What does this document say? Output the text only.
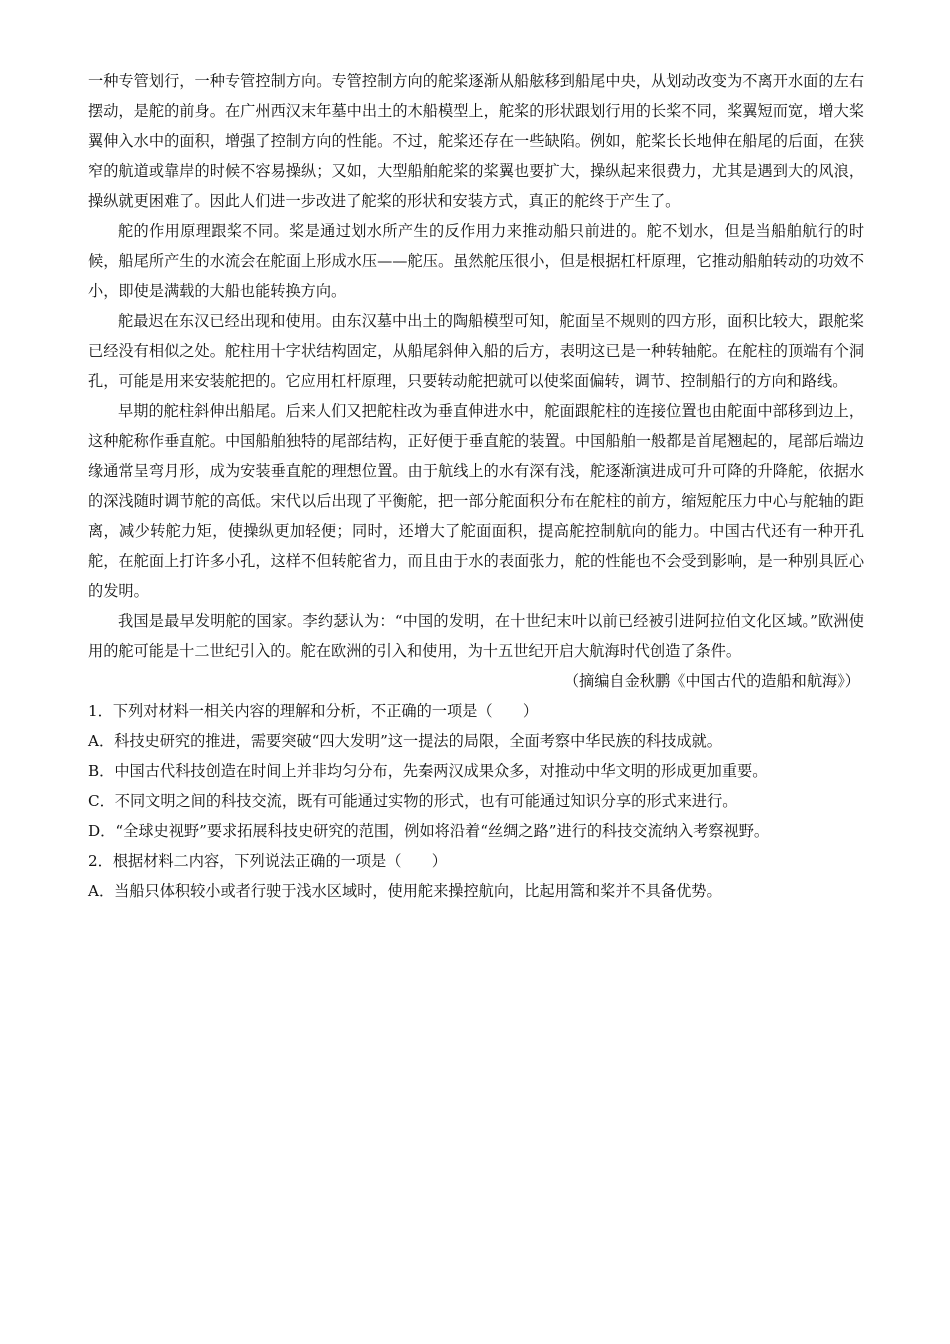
一种专管划行，一种专管控制方向。专管控制方向的舵桨逐渐从船舷移到船尾中央，从划动改变为不离开水面的左右摆动，是舵的前身。在广州西汉末年墓中出土的木船模型上，舵桨的形状跟划行用的长桨不同，桨翼短而宽，增大桨翼伸入水中的面积，增强了控制方向的性能。不过，舵桨还存在一些缺陷。例如，舵桨长长地伸在船尾的后面，在狭窄的航道或靠岸的时候不容易操纵；又如，大型船舶舵桨的桨翼也要扩大，操纵起来很费力，尤其是遇到大的风浪，操纵就更困难了。因此人们进一步改进了舵桨的形状和安装方式，真正的舵终于产生了。

舵的作用原理跟桨不同。桨是通过划水所产生的反作用力来推动船只前进的。舵不划水，但是当船舶航行的时候，船尾所产生的水流会在舵面上形成水压——舵压。虽然舵压很小，但是根据杠杆原理，它推动船舶转动的功效不小，即使是满载的大船也能转换方向。

舵最迟在东汉已经出现和使用。由东汉墓中出土的陶船模型可知，舵面呈不规则的四方形，面积比较大，跟舵桨已经没有相似之处。舵柱用十字状结构固定，从船尾斜伸入船的后方，表明这已是一种转轴舵。在舵柱的顶端有个洞孔，可能是用来安装舵把的。它应用杠杆原理，只要转动舵把就可以使桨面偏转，调节、控制船行的方向和路线。

早期的舵柱斜伸出船尾。后来人们又把舵柱改为垂直伸进水中，舵面跟舵柱的连接位置也由舵面中部移到边上，这种舵称作垂直舵。中国船舶独特的尾部结构，正好便于垂直舵的装置。中国船舶一般都是首尾翘起的，尾部后端边缘通常呈弯月形，成为安装垂直舵的理想位置。由于航线上的水有深有浅，舵逐渐演进成可升可降的升降舵，依据水的深浅随时调节舵的高低。宋代以后出现了平衡舵，把一部分舵面积分布在舵柱的前方，缩短舵压力中心与舵轴的距离，减少转舵力矩，使操纵更加轻便；同时，还增大了舵面面积，提高舵控制航向的能力。中国古代还有一种开孔舵，在舵面上打许多小孔，这样不但转舵省力，而且由于水的表面张力，舵的性能也不会受到影响，是一种别具匠心的发明。

我国是最早发明舵的国家。李约瑟认为：“中国的发明，在十世纪末叶以前已经被引进阿拉伯文化区域。”欧洲使用的舵可能是十二世纪引入的。舵在欧洲的引入和使用，为十五世纪开启大航海时代创造了条件。

（摘编自金秋鹏《中国古代的造船和航海》）

1．下列对材料一相关内容的理解和分析，不正确的一项是（　　）

A．科技史研究的推进，需要突破“四大发明”这一提法的局限，全面考察中华民族的科技成就。

B．中国古代科技创造在时间上并非均匀分布，先秦两汉成果众多，对推动中华文明的形成更加重要。

C．不同文明之间的科技交流，既有可能通过实物的形式，也有可能通过知识分享的形式来进行。

D．“全球史视野”要求拓展科技史研究的范围，例如将沿着“丝绸之路”进行的科技交流纳入考察视野。

2．根据材料二内容，下列说法正确的一项是（　　）

A．当船只体积较小或者行驶于浅水区域时，使用舵来操控航向，比起用篙和桨并不具备优势。
